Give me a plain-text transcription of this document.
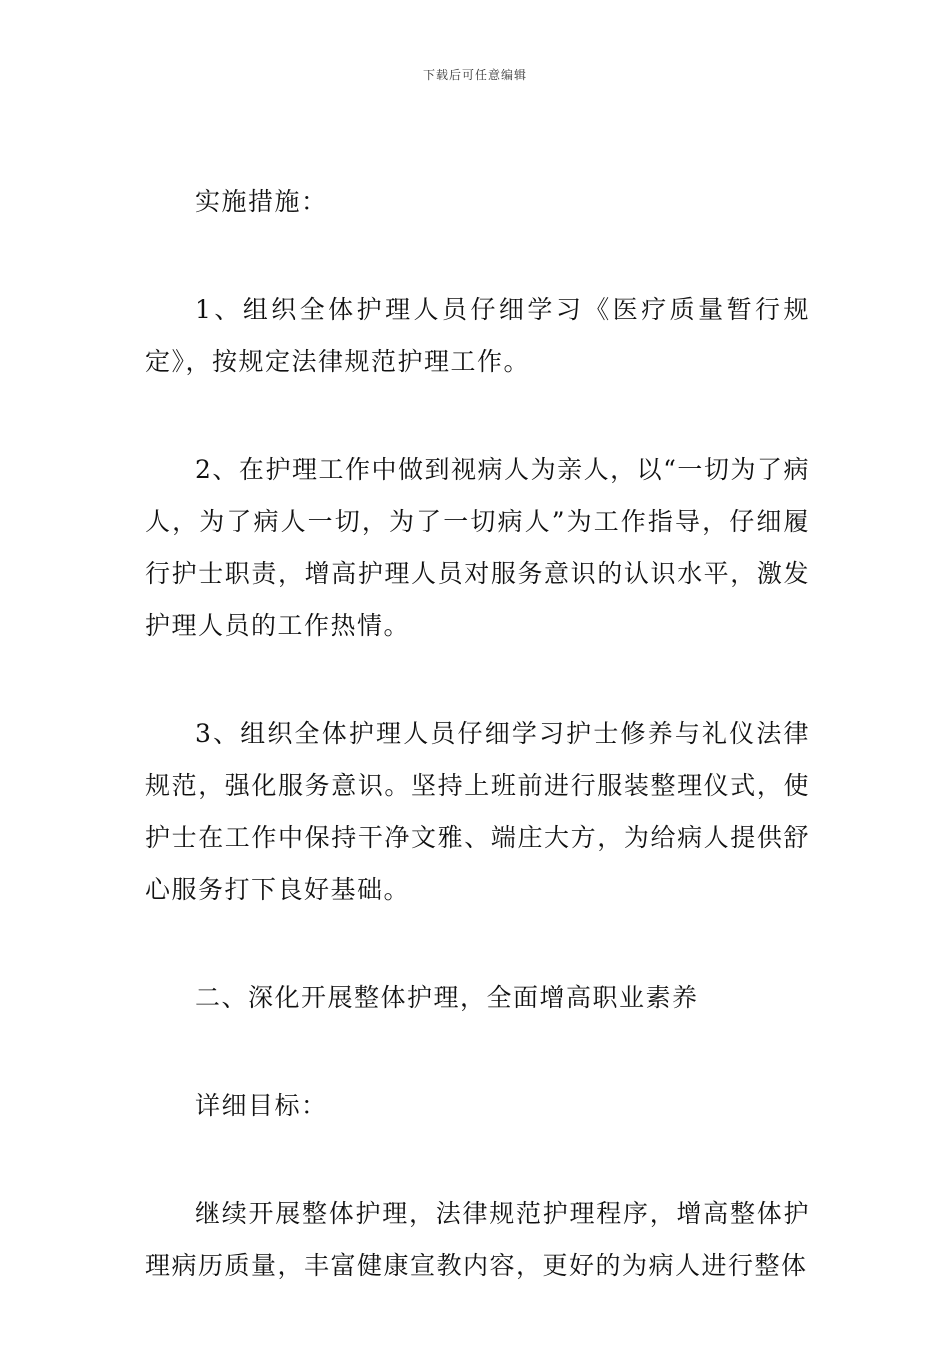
下载后可任意编辑

实施措施：

1、组织全体护理人员仔细学习《医疗质量暂行规定》，按规定法律规范护理工作。

2、在护理工作中做到视病人为亲人，以“一切为了病人，为了病人一切，为了一切病人”为工作指导，仔细履行护士职责，增高护理人员对服务意识的认识水平，激发护理人员的工作热情。

3、组织全体护理人员仔细学习护士修养与礼仪法律规范，强化服务意识。坚持上班前进行服装整理仪式，使护士在工作中保持干净文雅、端庄大方，为给病人提供舒心服务打下良好基础。

二、深化开展整体护理，全面增高职业素养

详细目标：

继续开展整体护理，法律规范护理程序，增高整体护理病历质量，丰富健康宣教内容，更好的为病人进行整体
